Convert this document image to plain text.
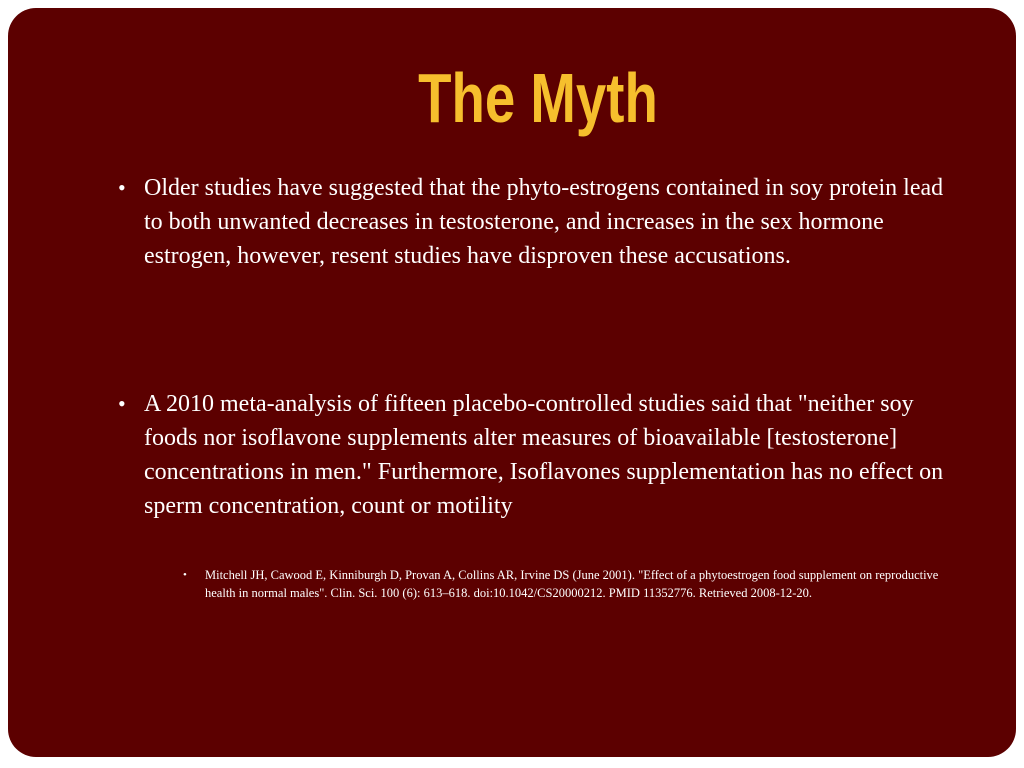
The Myth
• Older studies have suggested that the phyto-estrogens contained in soy protein lead to both unwanted decreases in testosterone, and increases in the sex hormone estrogen, however, resent studies have disproven these accusations.
• A 2010 meta-analysis of fifteen placebo-controlled studies said that "neither soy foods nor isoflavone supplements alter measures of bioavailable [testosterone] concentrations in men." Furthermore, Isoflavones supplementation has no effect on sperm concentration, count or motility
• Mitchell JH, Cawood E, Kinniburgh D, Provan A, Collins AR, Irvine DS (June 2001). "Effect of a phytoestrogen food supplement on reproductive health in normal males". Clin. Sci. 100 (6): 613–618. doi:10.1042/CS20000212. PMID 11352776. Retrieved 2008-12-20.
